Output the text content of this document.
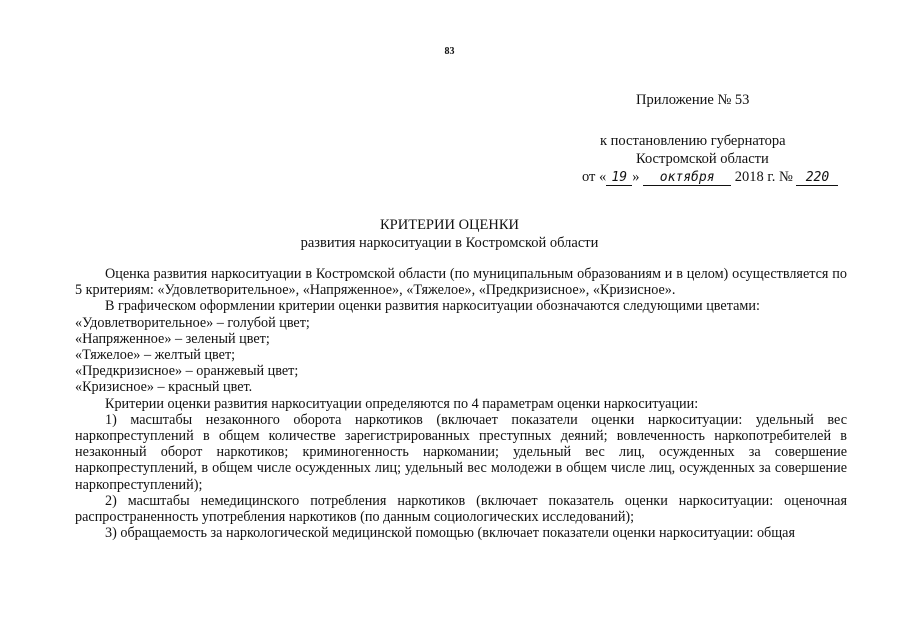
83
Приложение № 53
к постановлению губернатора
Костромской области
от « 19 » октября 2018 г. № 220
КРИТЕРИИ ОЦЕНКИ
развития наркоситуации в Костромской области

Оценка развития наркоситуации в Костромской области (по муниципальным образованиям и в целом) осуществляется по 5 критериям: «Удовлетворительное», «Напряженное», «Тяжелое», «Предкризисное», «Кризисное».

В графическом оформлении критерии оценки развития наркоситуации обозначаются следующими цветами:

«Удовлетворительное» – голубой цвет;

«Напряженное» – зеленый цвет;

«Тяжелое» – желтый цвет;

«Предкризисное» – оранжевый цвет;

«Кризисное» – красный цвет.

Критерии оценки развития наркоситуации определяются по 4 параметрам оценки наркоситуации:

1) масштабы незаконного оборота наркотиков (включает показатели оценки наркоситуации: удельный вес наркопреступлений в общем количестве зарегистрированных преступных деяний; вовлеченность наркопотребителей в незаконный оборот наркотиков; криминогенность наркомании; удельный вес лиц, осужденных за совершение наркопреступлений, в общем числе осужденных лиц; удельный вес молодежи в общем числе лиц, осужденных за совершение наркопреступлений);

2) масштабы немедицинского потребления наркотиков (включает показатель оценки наркоситуации: оценочная распространенность употребления наркотиков (по данным социологических исследований);

3) обращаемость за наркологической медицинской помощью (включает показатели оценки наркоситуации: общая
